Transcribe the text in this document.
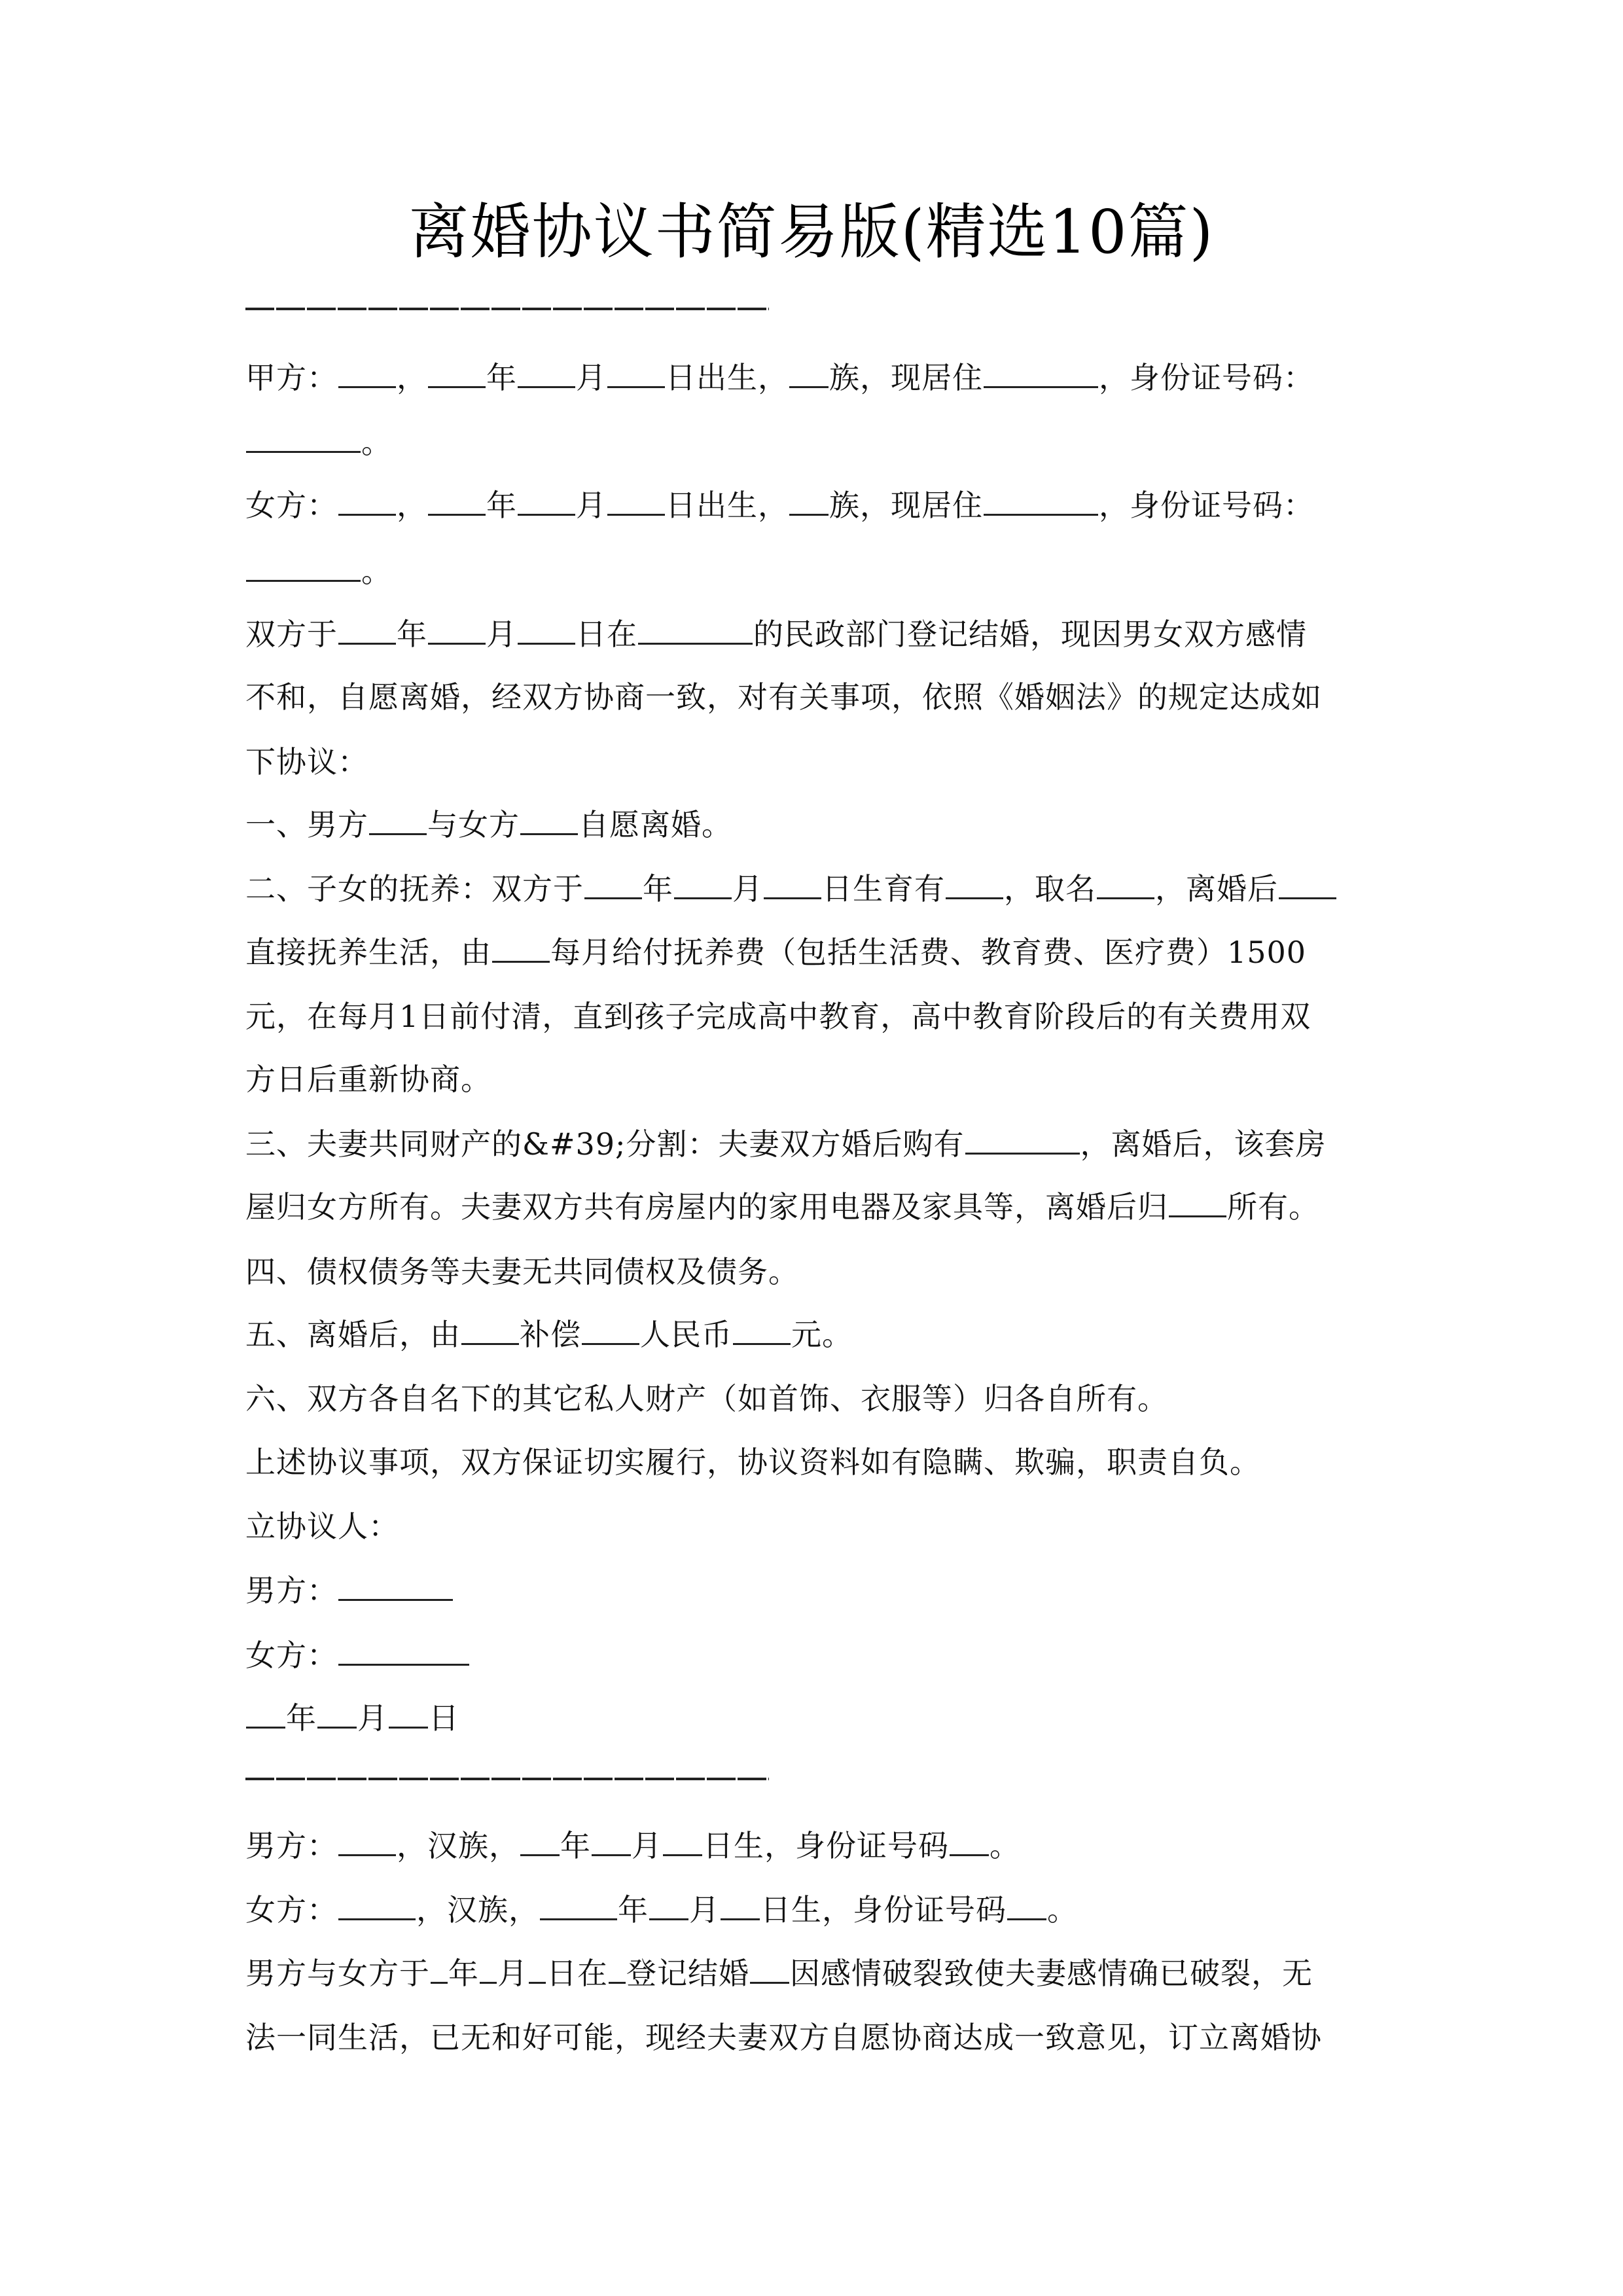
离婚协议书简易版(精选10篇)
甲方： ， 年 月 日出生， 族，现居住	，身份证号码：
。
女方： ， 年 月 日出生， 族，现居住	，身份证号码：
。
双方于 年 月 日在	的民政部门登记结婚，现因男女双方感情
不和，自愿离婚，经双方协商一致，对有关事项，依照《婚姻法》的规定达成如
下协议：
一、男方 与女方 自愿离婚。
二、子女的抚养：双方于 年 月 日生育有 ，取名 ，离婚后
直接抚养生活，由 每月给付抚养费（包括生活费、教育费、医疗费）1500
元，在每月1日前付清，直到孩子完成高中教育，高中教育阶段后的有关费用双
方日后重新协商。
三、夫妻共同财产的&#39;分割：夫妻双方婚后购有	，离婚后，该套房
屋归女方所有。夫妻双方共有房屋内的家用电器及家具等，离婚后归 所有。
四、债权债务等夫妻无共同债权及债务。
五、离婚后，由 补偿 人民币 元。
六、双方各自名下的其它私人财产（如首饰、衣服等）归各自所有。
上述协议事项，双方保证切实履行，协议资料如有隐瞒、欺骗，职责自负。
立协议人：
男方：
女方：
年 月 日
男方： ，汉族， 年 月 日生，身份证号码 。
女方：	，汉族，	年 月 日生，身份证号码 。
男方与女方于 年 月 日在 登记结婚 因感情破裂致使夫妻感情确已破裂，无
法一同生活，已无和好可能，现经夫妻双方自愿协商达成一致意见，订立离婚协
